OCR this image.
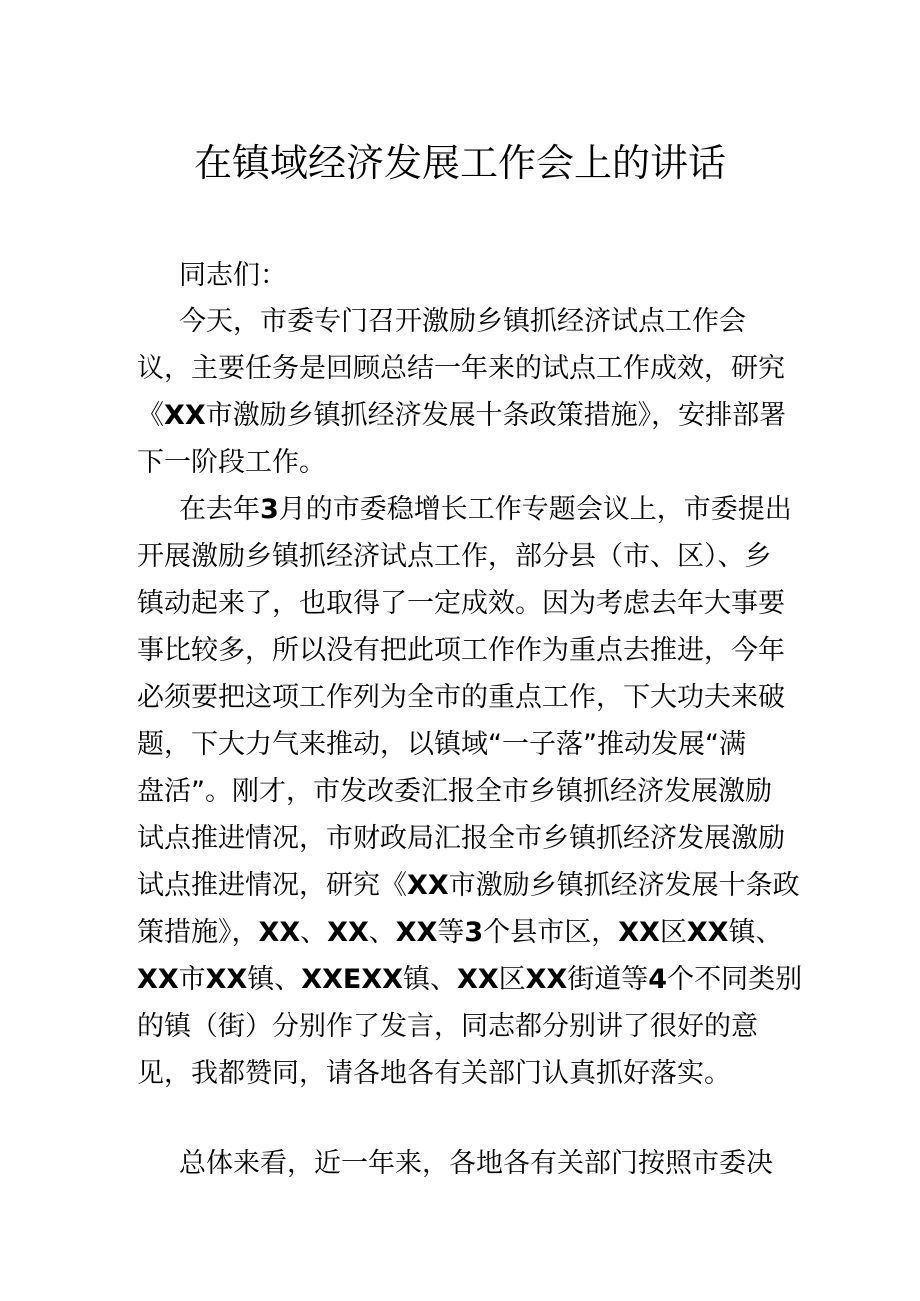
在镇域经济发展工作会上的讲话
同志们：
今天，市委专门召开激励乡镇抓经济试点工作会
议，主要任务是回顾总结一年来的试点工作成效，研究
《XX市激励乡镇抓经济发展十条政策措施》，安排部署
下一阶段工作。
在去年3月的市委稳增长工作专题会议上，市委提出
开展激励乡镇抓经济试点工作，部分县（市、区）、乡
镇动起来了，也取得了一定成效。因为考虑去年大事要
事比较多，所以没有把此项工作作为重点去推进，今年
必须要把这项工作列为全市的重点工作，下大功夫来破
题，下大力气来推动，以镇域“一子落”推动发展“满
盘活”。刚才，市发改委汇报全市乡镇抓经济发展激励
试点推进情况，市财政局汇报全市乡镇抓经济发展激励
试点推进情况，研究《XX市激励乡镇抓经济发展十条政
策措施》，XX、XX、XX等3个县市区，XX区XX镇、
XX市XX镇、XXEXX镇、XX区XX街道等4个不同类别
的镇（街）分别作了发言，同志都分别讲了很好的意
见，我都赞同，请各地各有关部门认真抓好落实。
总体来看，近一年来，各地各有关部门按照市委决
